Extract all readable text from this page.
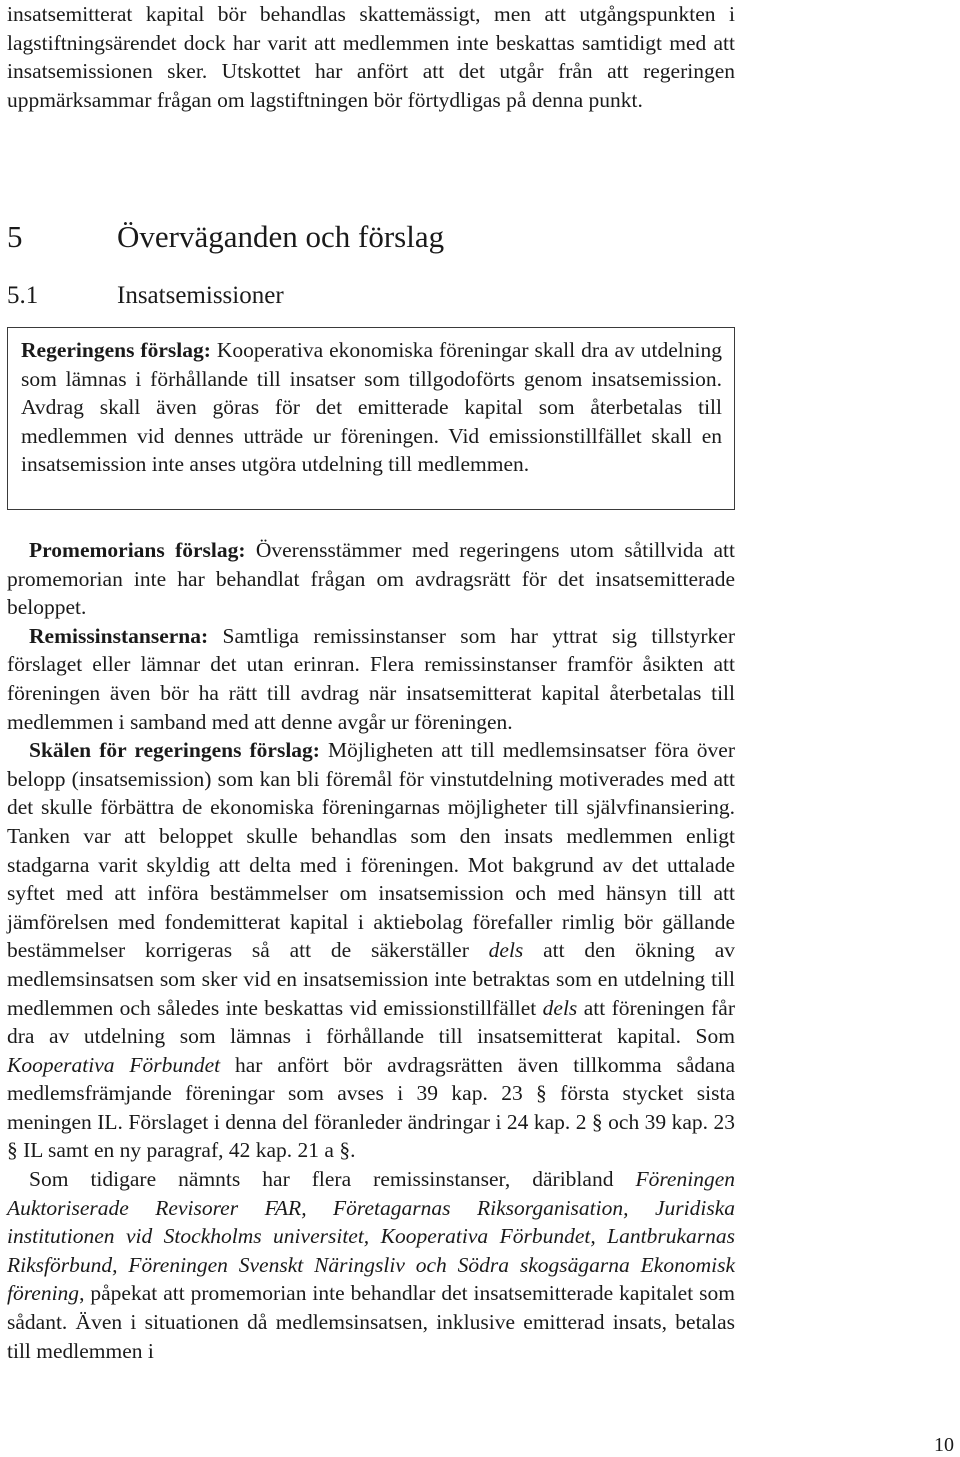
insatsemitterat kapital bör behandlas skattemässigt, men att utgångspunkten i lagstiftningsärendet dock har varit att medlemmen inte beskattas samtidigt med att insatsemissionen sker. Utskottet har anfört att det utgår från att regeringen uppmärksammar frågan om lagstiftningen bör förtydligas på denna punkt.

5	Överväganden och förslag
5.1	Insatsemissioner

Regeringens förslag: Kooperativa ekonomiska föreningar skall dra av utdelning som lämnas i förhållande till insatser som tillgodoförts genom insatsemission. Avdrag skall även göras för det emitterade kapital som återbetalas till medlemmen vid dennes utträde ur föreningen. Vid emissionstillfället skall en insatsemission inte anses utgöra utdelning till medlemmen.

Promemorians förslag: Överensstämmer med regeringens utom såtillvida att promemorian inte har behandlat frågan om avdragsrätt för det insatsemitterade beloppet.

Remissinstanserna: Samtliga remissinstanser som har yttrat sig tillstyrker förslaget eller lämnar det utan erinran. Flera remissinstanser framför åsikten att föreningen även bör ha rätt till avdrag när insatsemitterat kapital återbetalas till medlemmen i samband med att denne avgår ur föreningen.

Skälen för regeringens förslag: Möjligheten att till medlemsinsatser föra över belopp (insatsemission) som kan bli föremål för vinstutdelning motiverades med att det skulle förbättra de ekonomiska föreningarnas möjligheter till självfinansiering. Tanken var att beloppet skulle behandlas som den insats medlemmen enligt stadgarna varit skyldig att delta med i föreningen. Mot bakgrund av det uttalade syftet med att införa bestämmelser om insatsemission och med hänsyn till att jämförelsen med fondemitterat kapital i aktiebolag förefaller rimlig bör gällande bestämmelser korrigeras så att de säkerställer dels att den ökning av medlemsinsatsen som sker vid en insatsemission inte betraktas som en utdelning till medlemmen och således inte beskattas vid emissionstillfället dels att föreningen får dra av utdelning som lämnas i förhållande till insatsemitterat kapital. Som Kooperativa Förbundet har anfört bör avdragsrätten även tillkomma sådana medlemsfrämjande föreningar som avses i 39 kap. 23 § första stycket sista meningen IL. Förslaget i denna del föranleder ändringar i 24 kap. 2 § och 39 kap. 23 § IL samt en ny paragraf, 42 kap. 21 a §.

Som tidigare nämnts har flera remissinstanser, däribland Föreningen Auktoriserade Revisorer FAR, Företagarnas Riksorganisation, Juridiska institutionen vid Stockholms universitet, Kooperativa Förbundet, Lantbrukarnas Riksförbund, Föreningen Svenskt Näringsliv och Södra skogsägarna Ekonomisk förening, påpekat att promemorian inte behandlar det insatsemitterade kapitalet som sådant. Även i situationen då medlemsinsatsen, inklusive emitterad insats, betalas till medlemmen i

10
